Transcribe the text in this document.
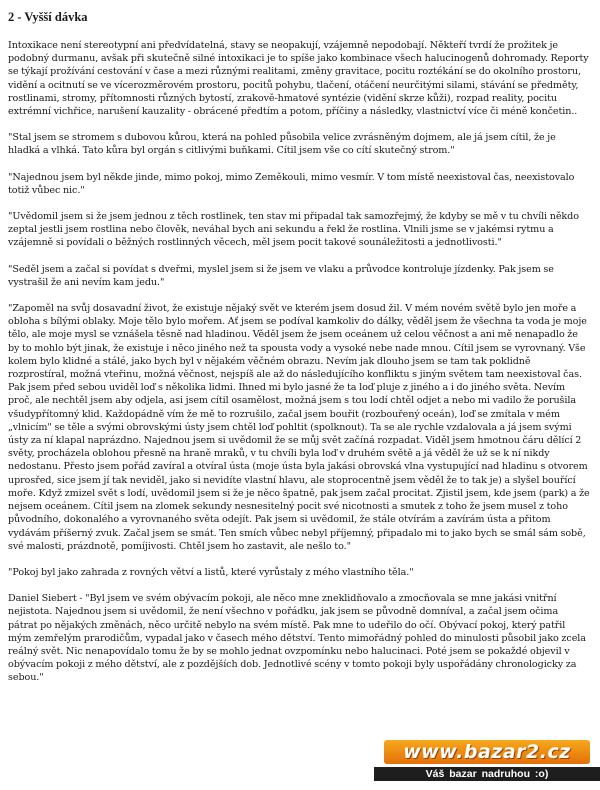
2 - Vyšší dávka

Intoxikace není stereotypní ani předvídatelná, stavy se neopakují, vzájemně nepodobají. Někteří tvrdí že prožitek je podobný durmanu, avšak při skutečně silné intoxikaci je to spíše jako kombinace všech halucinogenů dohromady. Reporty se týkají prožívání cestování v čase a mezi různými realitami, změny gravitace, pocitu roztékání se do okolního prostoru, vidění a ocitnutí se ve vícerozměrovém prostoru, pocitů pohybu, tlačení, otáčení neurčitými silami, stávání se předměty, rostlinami, stromy, přítomnosti různých bytostí, zrakově-hmatové syntézie (vidění skrze kůži), rozpad reality, pocitu extrémní vichřice, narušení kauzality - obrácené předtím a potom, příčiny a následky, vlastnictví více či méně končetin..

"Stal jsem se stromem s dubovou kůrou, která na pohled působila velice zvrásněným dojmem, ale já jsem cítil, že je hladká a vlhká. Tato kůra byl orgán s citlivými buňkami. Cítil jsem vše co cítí skutečný strom."

"Najednou jsem byl někde jinde, mimo pokoj, mimo Zeměkouli, mimo vesmír. V tom místě neexistoval čas, neexistovalo totiž vůbec nic."

"Uvědomil jsem si že jsem jednou z těch rostlinek, ten stav mi připadal tak samozřejmý, že kdyby se mě v tu chvíli někdo zeptal jestli jsem rostlina nebo člověk, neváhal bych ani sekundu a řekl že rostlina. Vlnili jsme se v jakémsi rytmu a vzájemně si povídali o běžných rostlinných věcech, měl jsem pocit takové sounáležitosti a jednotlivosti."

"Seděl jsem a začal si povídat s dveřmi, myslel jsem si že jsem ve vlaku a průvodce kontroluje jízdenky. Pak jsem se vystrašil že ani nevím kam jedu."

"Zapoměl na svůj dosavadní život, že existuje nějaký svět ve kterém jsem dosud žil. V mém novém světě bylo jen moře a obloha s bílými oblaky. Moje tělo bylo mořem. Ať jsem se podíval kamkoliv do dálky, věděl jsem že všechna ta voda je moje tělo, ale moje mysl se vznášela těsně nad hladinou. Věděl jsem že jsem oceánem už celou věčnost a ani mě nenapadlo že by to mohlo být jinak, že existuje i něco jiného než ta spousta vody a vysoké nebe nade mnou. Cítil jsem se vyrovnaný. Vše kolem bylo klidné a stálé, jako bych byl v nějakém věčném obrazu. Nevím jak dlouho jsem se tam tak poklidně rozprostíral, možná vteřinu, možná věčnost, nejspíš ale až do následujícího konfliktu s jiným světem tam neexistoval čas. Pak jsem před sebou uviděl loď s několika lidmi. Ihned mi bylo jasné že ta loď pluje z jiného a i do jiného světa. Nevím proč, ale nechtěl jsem aby odjela, asi jsem cítil osamělost, možná jsem s tou lodí chtěl odjet a nebo mi vadilo že porušila všudypřítomný klid. Každopádně vím že mě to rozrušilo, začal jsem bouřit (rozbouřený oceán), loď se zmítala v mém „vlnicím" se těle a svými obrovskými ústy jsem chtěl loď pohltit (spolknout). Ta se ale rychle vzdalovala a já jsem svými ústy za ní klapal naprázdno. Najednou jsem si uvědomil že se můj svět začíná rozpadat. Viděl jsem hmotnou čáru dělící 2 světy, procházela oblohou přesně na hraně mraků, v tu chvíli byla loď v druhém světě a já věděl že už se k ní nikdy nedostanu. Přesto jsem pořád zavíral a otvíral ústa (moje ústa byla jakási obrovská vlna vystupující nad hladinu s otvorem uprosřed, sice jsem jí tak neviděl, jako si nevidíte vlastní hlavu, ale stoprocentně jsem věděl že to tak je) a slyšel bouřící moře. Když zmizel svět s lodí, uvědomil jsem si že je něco špatně, pak jsem začal procitat. Zjistil jsem, kde jsem (park) a že nejsem oceánem. Cítil jsem na zlomek sekundy nesnesitelný pocit své nicotnosti a smutek z toho že jsem musel z toho původního, dokonalého a vyrovnaného světa odejít. Pak jsem si uvědomil, že stále otvírám a zavírám ústa a přitom vydávám příšerný zvuk. Začal jsem se smát. Ten smích vůbec nebyl příjemný, připadalo mi to jako bych se smál sám sobě, své malosti, prázdnotě, pomíjivosti. Chtěl jsem ho zastavit, ale nešlo to."

"Pokoj byl jako zahrada z rovných větví a listů, které vyrůstaly z mého vlastního těla."

Daniel Siebert - "Byl jsem ve svém obývacím pokoji, ale něco mne zneklidňovalo a zmocňovala se mne jakási vnitřní nejistota. Najednou jsem si uvědomil, že není všechno v pořádku, jak jsem se původně domníval, a začal jsem očima pátrat po nějakých změnách, něco určitě nebylo na svém místě. Pak mne to udeřilo do očí. Obývací pokoj, který patřil mým zemřelým prarodičům, vypadal jako v časech mého dětství. Tento mimořádný pohled do minulosti působil jako zcela reálný svět. Nic nenapovídalo tomu že by se mohlo jednat ovzpomínku nebo halucinaci. Poté jsem se pokaždé objevil v obývacím pokoji z mého dětství, ale z pozdějších dob. Jednotlivé scény v tomto pokoji byly uspořádány chronologicky za sebou."

www.bazar2.cz
Váš bazar nadruhou :o)
